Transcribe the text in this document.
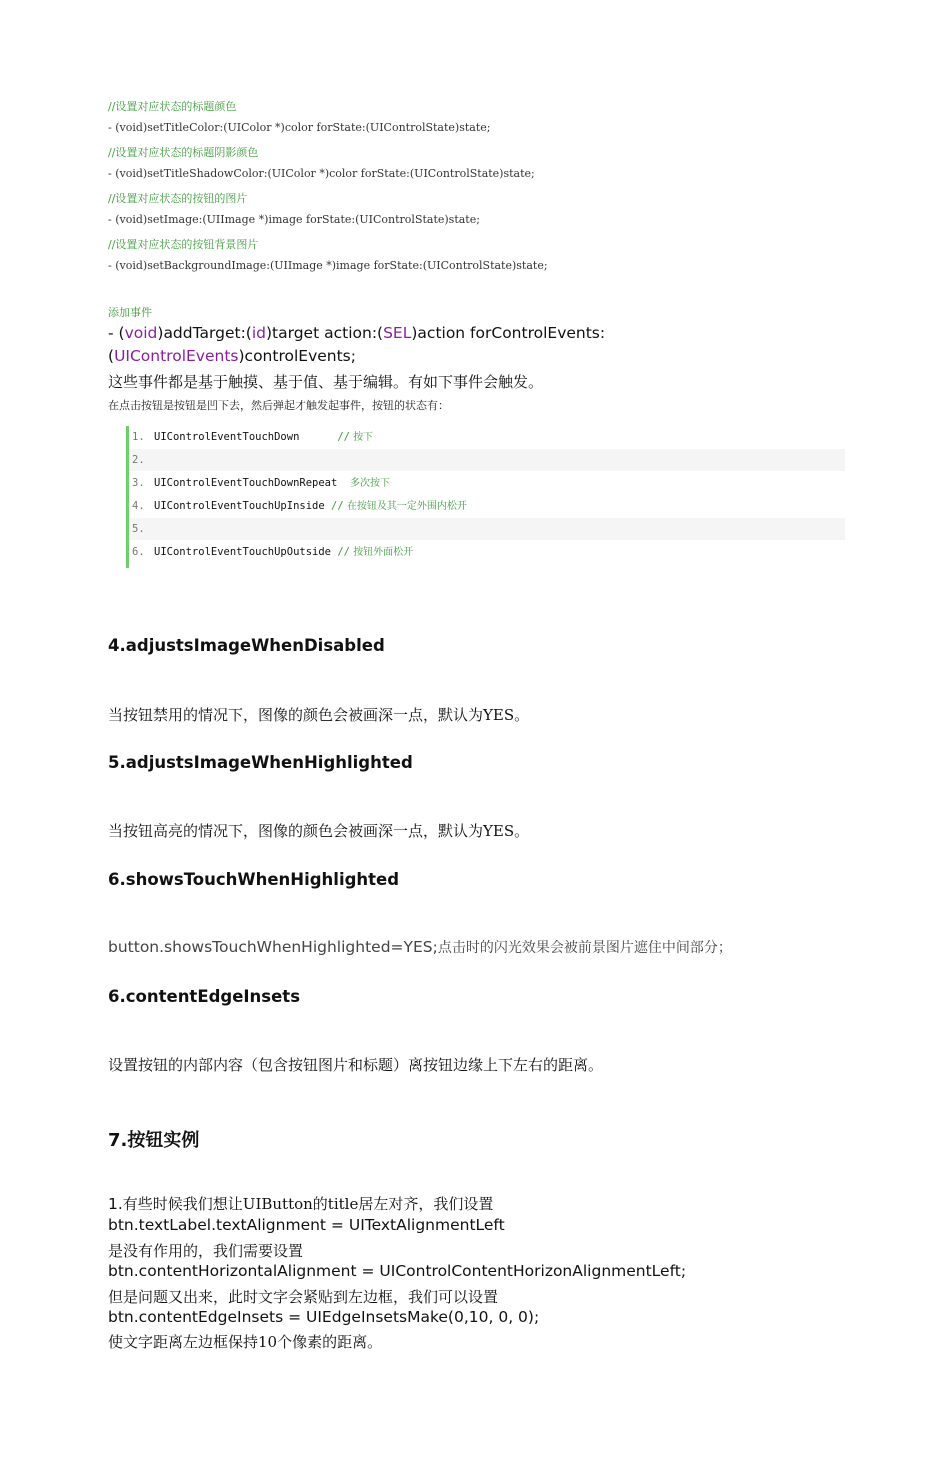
//设置对应状态的标题颜色
- (void)setTitleColor:(UIColor *)color forState:(UIControlState)state;
//设置对应状态的标题阴影颜色
- (void)setTitleShadowColor:(UIColor *)color forState:(UIControlState)state;
//设置对应状态的按钮的图片
- (void)setImage:(UIImage *)image forState:(UIControlState)state;
//设置对应状态的按钮背景图片
- (void)setBackgroundImage:(UIImage *)image forState:(UIControlState)state;
添加事件
- (void)addTarget:(id)target action:(SEL)action forControlEvents:
(UIControlEvents)controlEvents;
这些事件都是基于触摸、基于值、基于编辑。有如下事件会触发。
在点击按钮是按钮是凹下去，然后弹起才触发起事件，按钮的状态有：
1. UIControlEventTouchDown      // 按下
2.
3. UIControlEventTouchDownRepeat  多次按下
4. UIControlEventTouchUpInside // 在按钮及其一定外围内松开
5.
6. UIControlEventTouchUpOutside // 按钮外面松开
4.adjustsImageWhenDisabled
当按钮禁用的情况下，图像的颜色会被画深一点，默认为YES。
5.adjustsImageWhenHighlighted
当按钮高亮的情况下，图像的颜色会被画深一点，默认为YES。
6.showsTouchWhenHighlighted
button.showsTouchWhenHighlighted=YES;点击时的闪光效果会被前景图片遮住中间部分；
6.contentEdgeInsets
设置按钮的内部内容（包含按钮图片和标题）离按钮边缘上下左右的距离。
7.按钮实例
1.有些时候我们想让UIButton的title居左对齐，我们设置
btn.textLabel.textAlignment = UITextAlignmentLeft
是没有作用的，我们需要设置
btn.contentHorizontalAlignment = UIControlContentHorizonAlignmentLeft;
但是问题又出来，此时文字会紧贴到左边框，我们可以设置
btn.contentEdgeInsets = UIEdgeInsetsMake(0,10, 0, 0);
使文字距离左边框保持10个像素的距离。
